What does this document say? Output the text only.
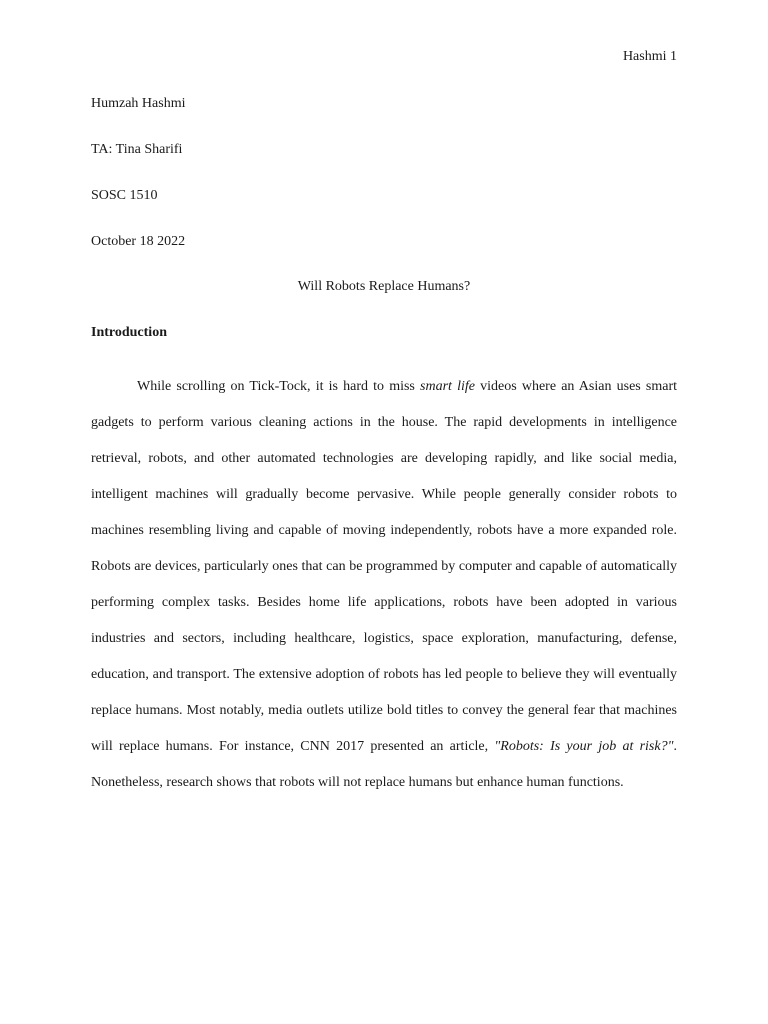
Hashmi 1
Humzah Hashmi
TA: Tina Sharifi
SOSC 1510
October 18 2022
Will Robots Replace Humans?
Introduction

While scrolling on Tick-Tock, it is hard to miss smart life videos where an Asian uses smart gadgets to perform various cleaning actions in the house. The rapid developments in intelligence retrieval, robots, and other automated technologies are developing rapidly, and like social media, intelligent machines will gradually become pervasive. While people generally consider robots to machines resembling living and capable of moving independently, robots have a more expanded role. Robots are devices, particularly ones that can be programmed by computer and capable of automatically performing complex tasks. Besides home life applications, robots have been adopted in various industries and sectors, including healthcare, logistics, space exploration, manufacturing, defense, education, and transport. The extensive adoption of robots has led people to believe they will eventually replace humans. Most notably, media outlets utilize bold titles to convey the general fear that machines will replace humans. For instance, CNN 2017 presented an article, "Robots: Is your job at risk?". Nonetheless, research shows that robots will not replace humans but enhance human functions.
